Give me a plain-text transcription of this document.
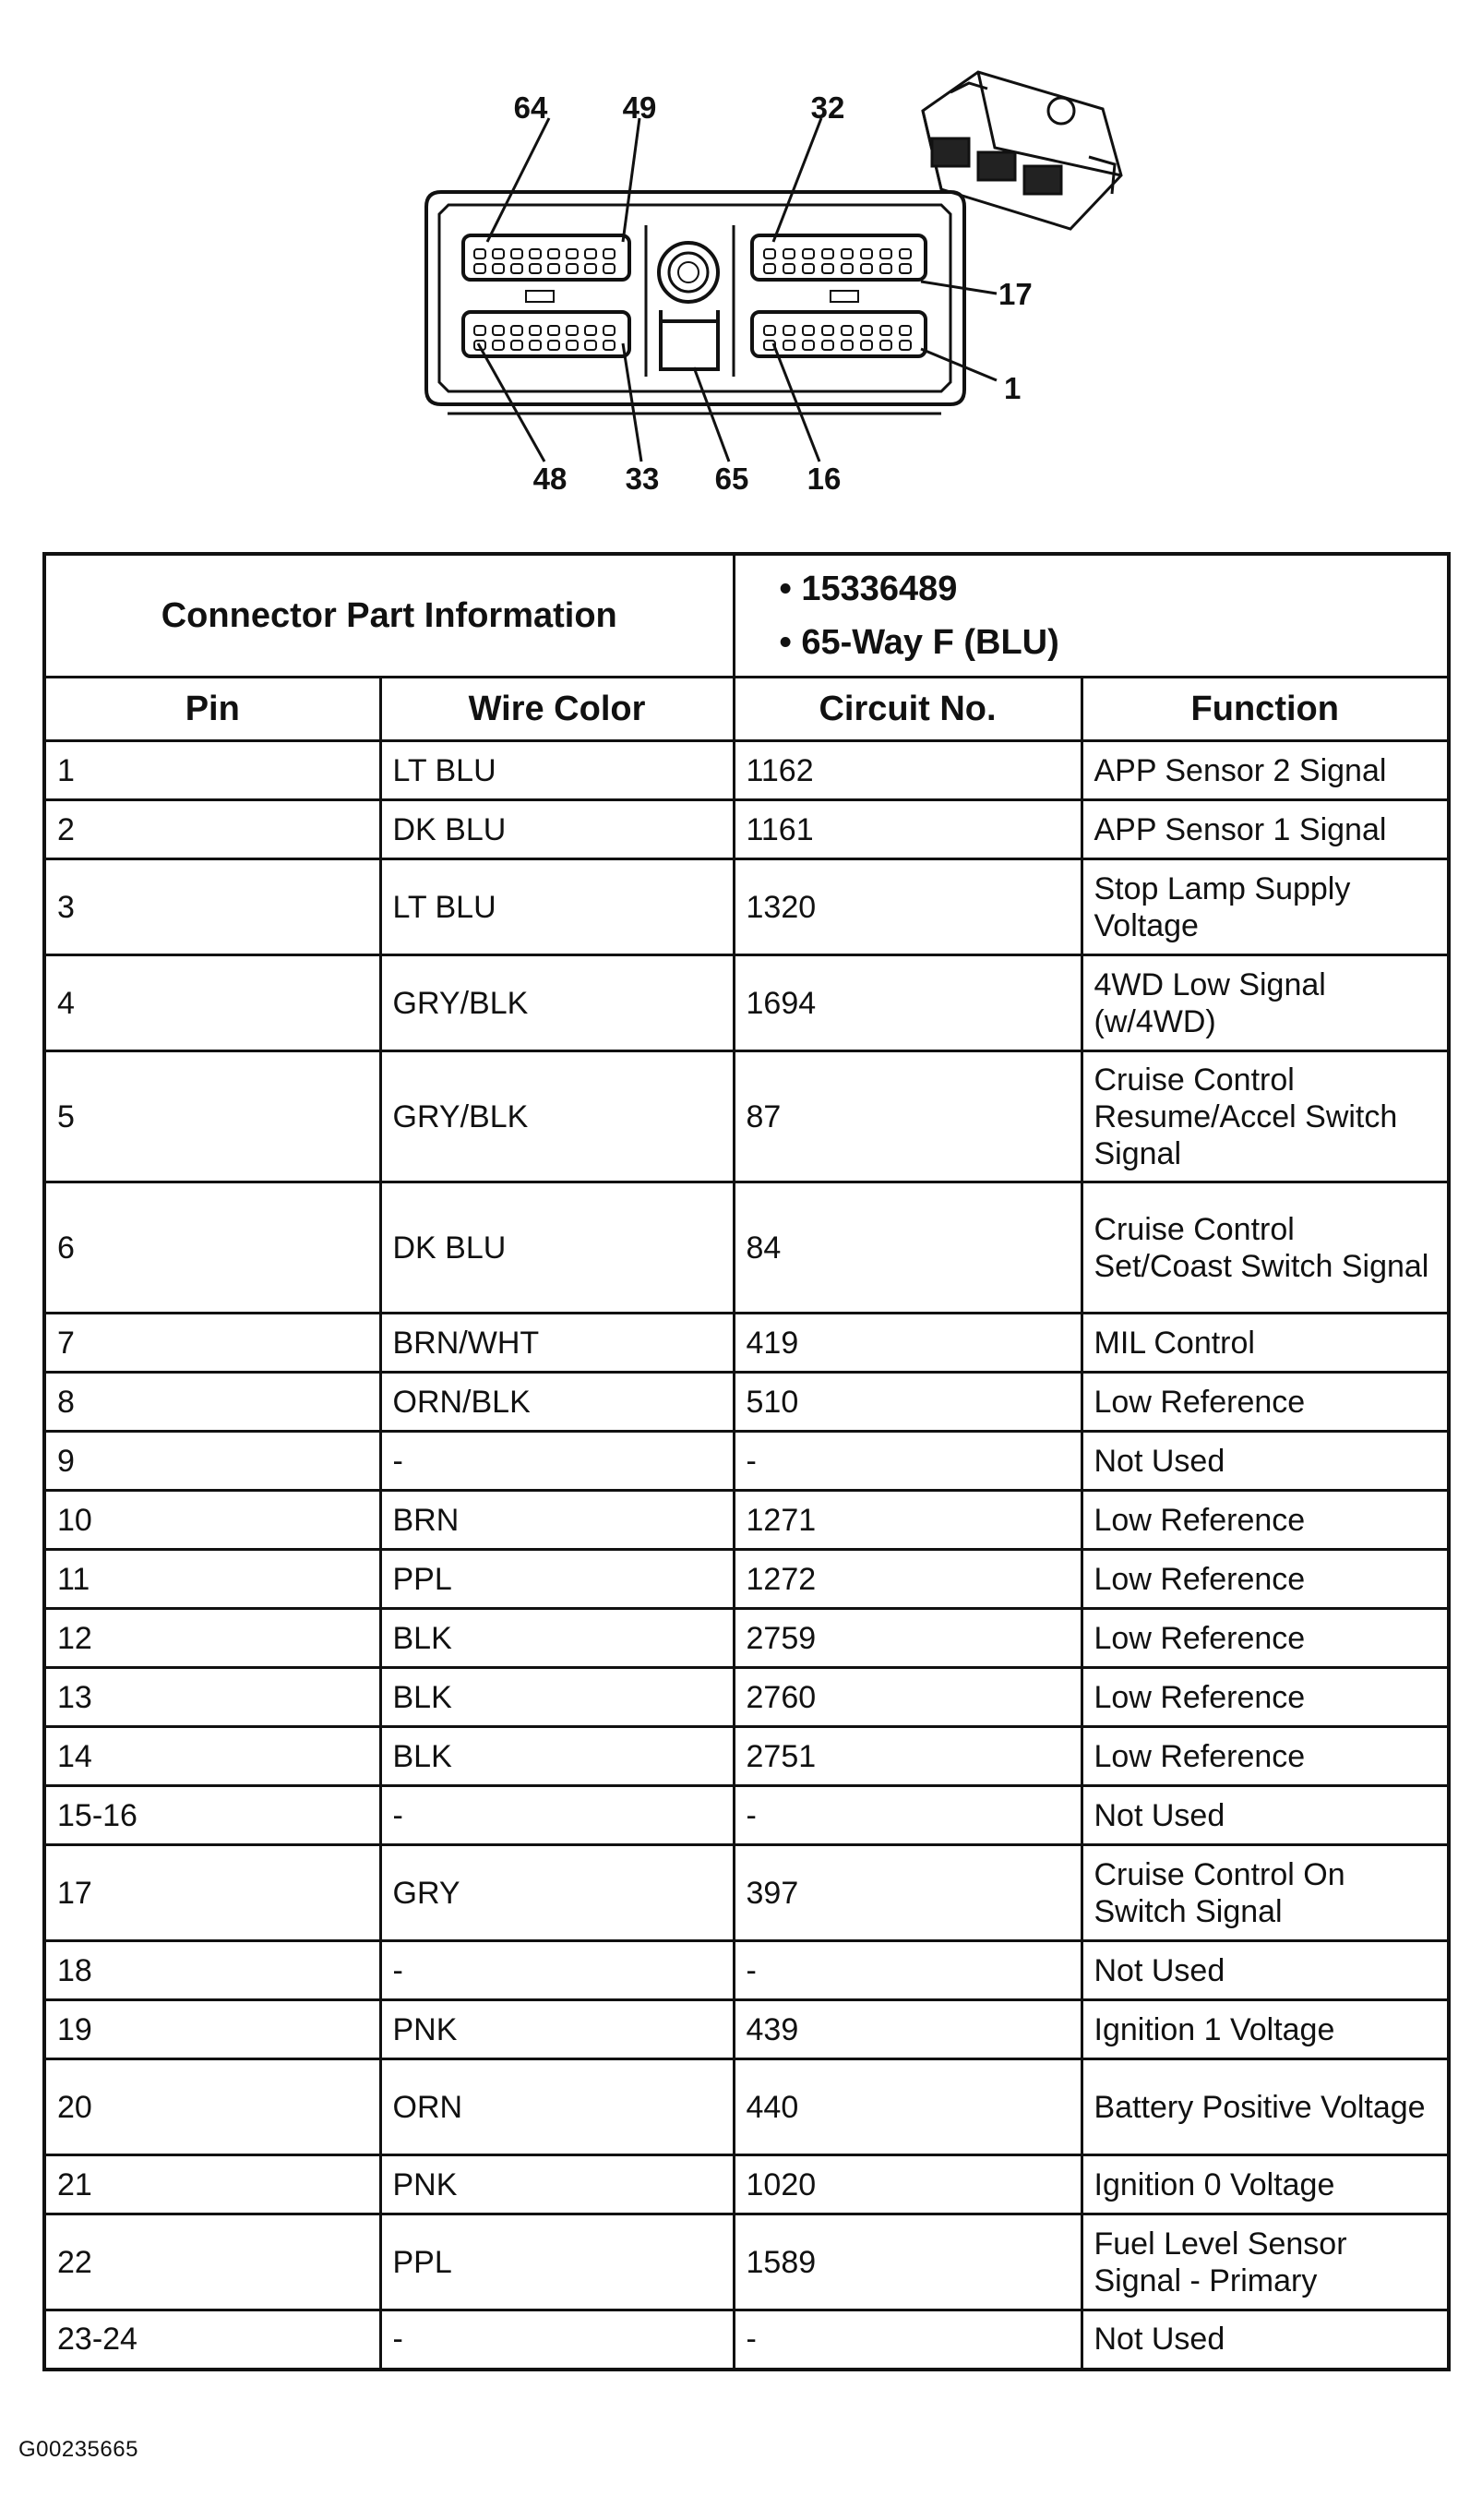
64 49	32
17
1
48 33 65 16
Connector Part Information		• 15336489
• 65-Way F (BLU)

Pin	Wire Color	Circuit No.	Function
1	LT BLU	1162	APP Sensor 2 Signal
2	DK BLU	1161	APP Sensor 1 Signal
3	LT BLU	1320	Stop Lamp Supply Voltage
4	GRY/BLK	1694	4WD Low Signal (w/4WD)
5	GRY/BLK	87	Cruise Control Resume/Accel Switch Signal
6	DK BLU	84	Cruise Control Set/Coast Switch Signal
7	BRN/WHT	419	MIL Control
8	ORN/BLK	510	Low Reference
9	-	-	Not Used
10	BRN	1271	Low Reference
11	PPL	1272	Low Reference
12	BLK	2759	Low Reference
13	BLK	2760	Low Reference
14	BLK	2751	Low Reference
15-16	-	-	Not Used
17	GRY	397	Cruise Control On Switch Signal
18	-	-	Not Used
19	PNK	439	Ignition 1 Voltage
20	ORN	440	Battery Positive Voltage
21	PNK	1020	Ignition 0 Voltage
22	PPL	1589	Fuel Level Sensor Signal - Primary
23-24	-	-	Not Used
G00235665
